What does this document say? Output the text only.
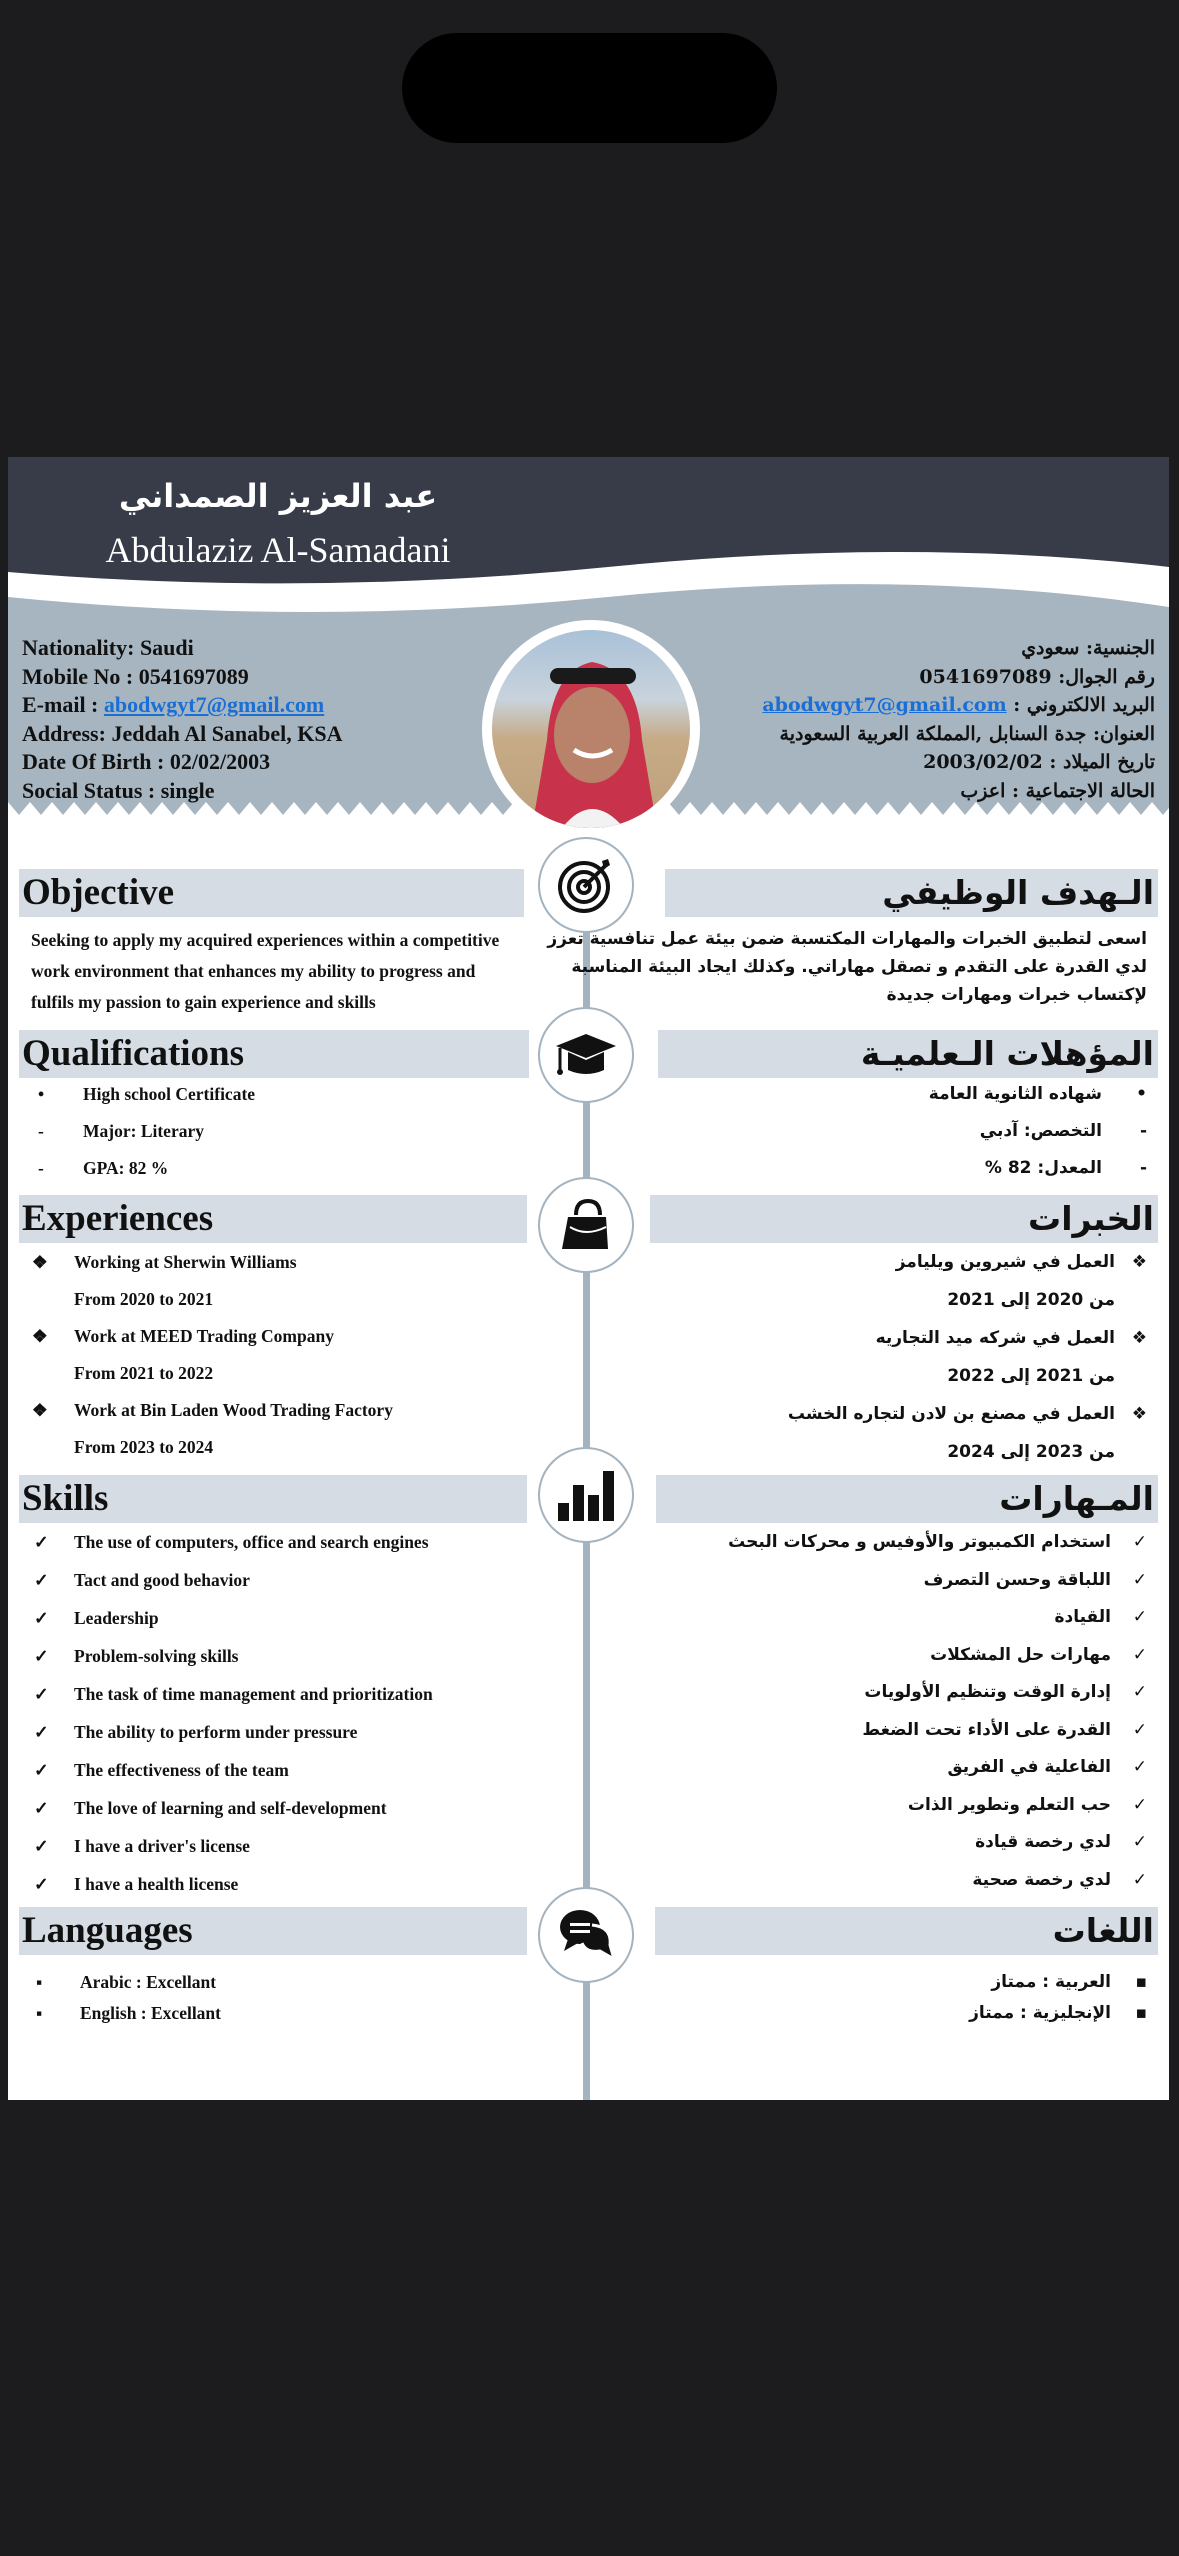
عبد العزيز الصمداني
Abdulaziz Al-Samadani
Nationality: Saudi
Mobile No : 0541697089
E-mail : abodwgyt7@gmail.com
Address: Jeddah Al Sanabel, KSA
Date Of Birth : 02/02/2003
Social Status : single
الجنسية: سعودي
رقم الجوال: 0541697089
البريد الالكتروني : abodwgyt7@gmail.com
العنوان: جدة السنابل ,المملكة العربية السعودية
تاريخ الميلاد : 2003/02/02
الحالة الاجتماعية : اعزب
Objective	الـهدف الوظيفي
Seeking to apply my acquired experiences within a competitive
work environment that enhances my ability to progress and
fulfils my passion to gain experience and skills
اسعى لتطبيق الخبرات والمهارات المكتسبة ضمن بيئة عمل تنافسية تعزز
لدي القدرة على التقدم و تصقل مهاراتي. وكذلك ايجاد البيئة المناسبة
لإكتساب خبرات ومهارات جديدة
Qualifications	المؤهلات الـعلميـة
• High school Certificate
- Major: Literary
- GPA: 82 %
•شهاده الثانوية العامة
-التخصص: آدبي
-المعدل: 82 %
Experiences	الخبرات
❖ Working at Sherwin Williams
From 2020 to 2021
❖ Work at MEED Trading Company
From 2021 to 2022
❖ Work at Bin Laden Wood Trading Factory
From 2023 to 2024
❖العمل في شيروين ويليامز
من 2020 إلى 2021
❖العمل في شركه ميد التجاريه
من 2021 إلى 2022
❖العمل في مصنع بن لادن لتجاره الخشب
من 2023 إلى 2024
Skills	المـهارات
✓ The use of computers, office and search engines
✓ Tact and good behavior
✓ Leadership
✓ Problem-solving skills
✓ The task of time management and prioritization
✓ The ability to perform under pressure
✓ The effectiveness of the team
✓ The love of learning and self-development
✓ I have a driver's license
✓ I have a health license
✓استخدام الكمبيوتر والأوفيس و محركات البحث
✓اللباقة وحسن التصرف
✓القيادة
✓مهارات حل المشكلات
✓إدارة الوقت وتنظيم الأولويات
✓القدرة على الأداء تحت الضغط
✓الفاعلية في الفريق
✓حب التعلم وتطوير الذات
✓لدي رخصة قيادة
✓لدي رخصة صحية
Languages	اللغات
▪ Arabic : Excellant
▪ English : Excellant
▪العربية : ممتاز
▪الإنجليزية : ممتاز
